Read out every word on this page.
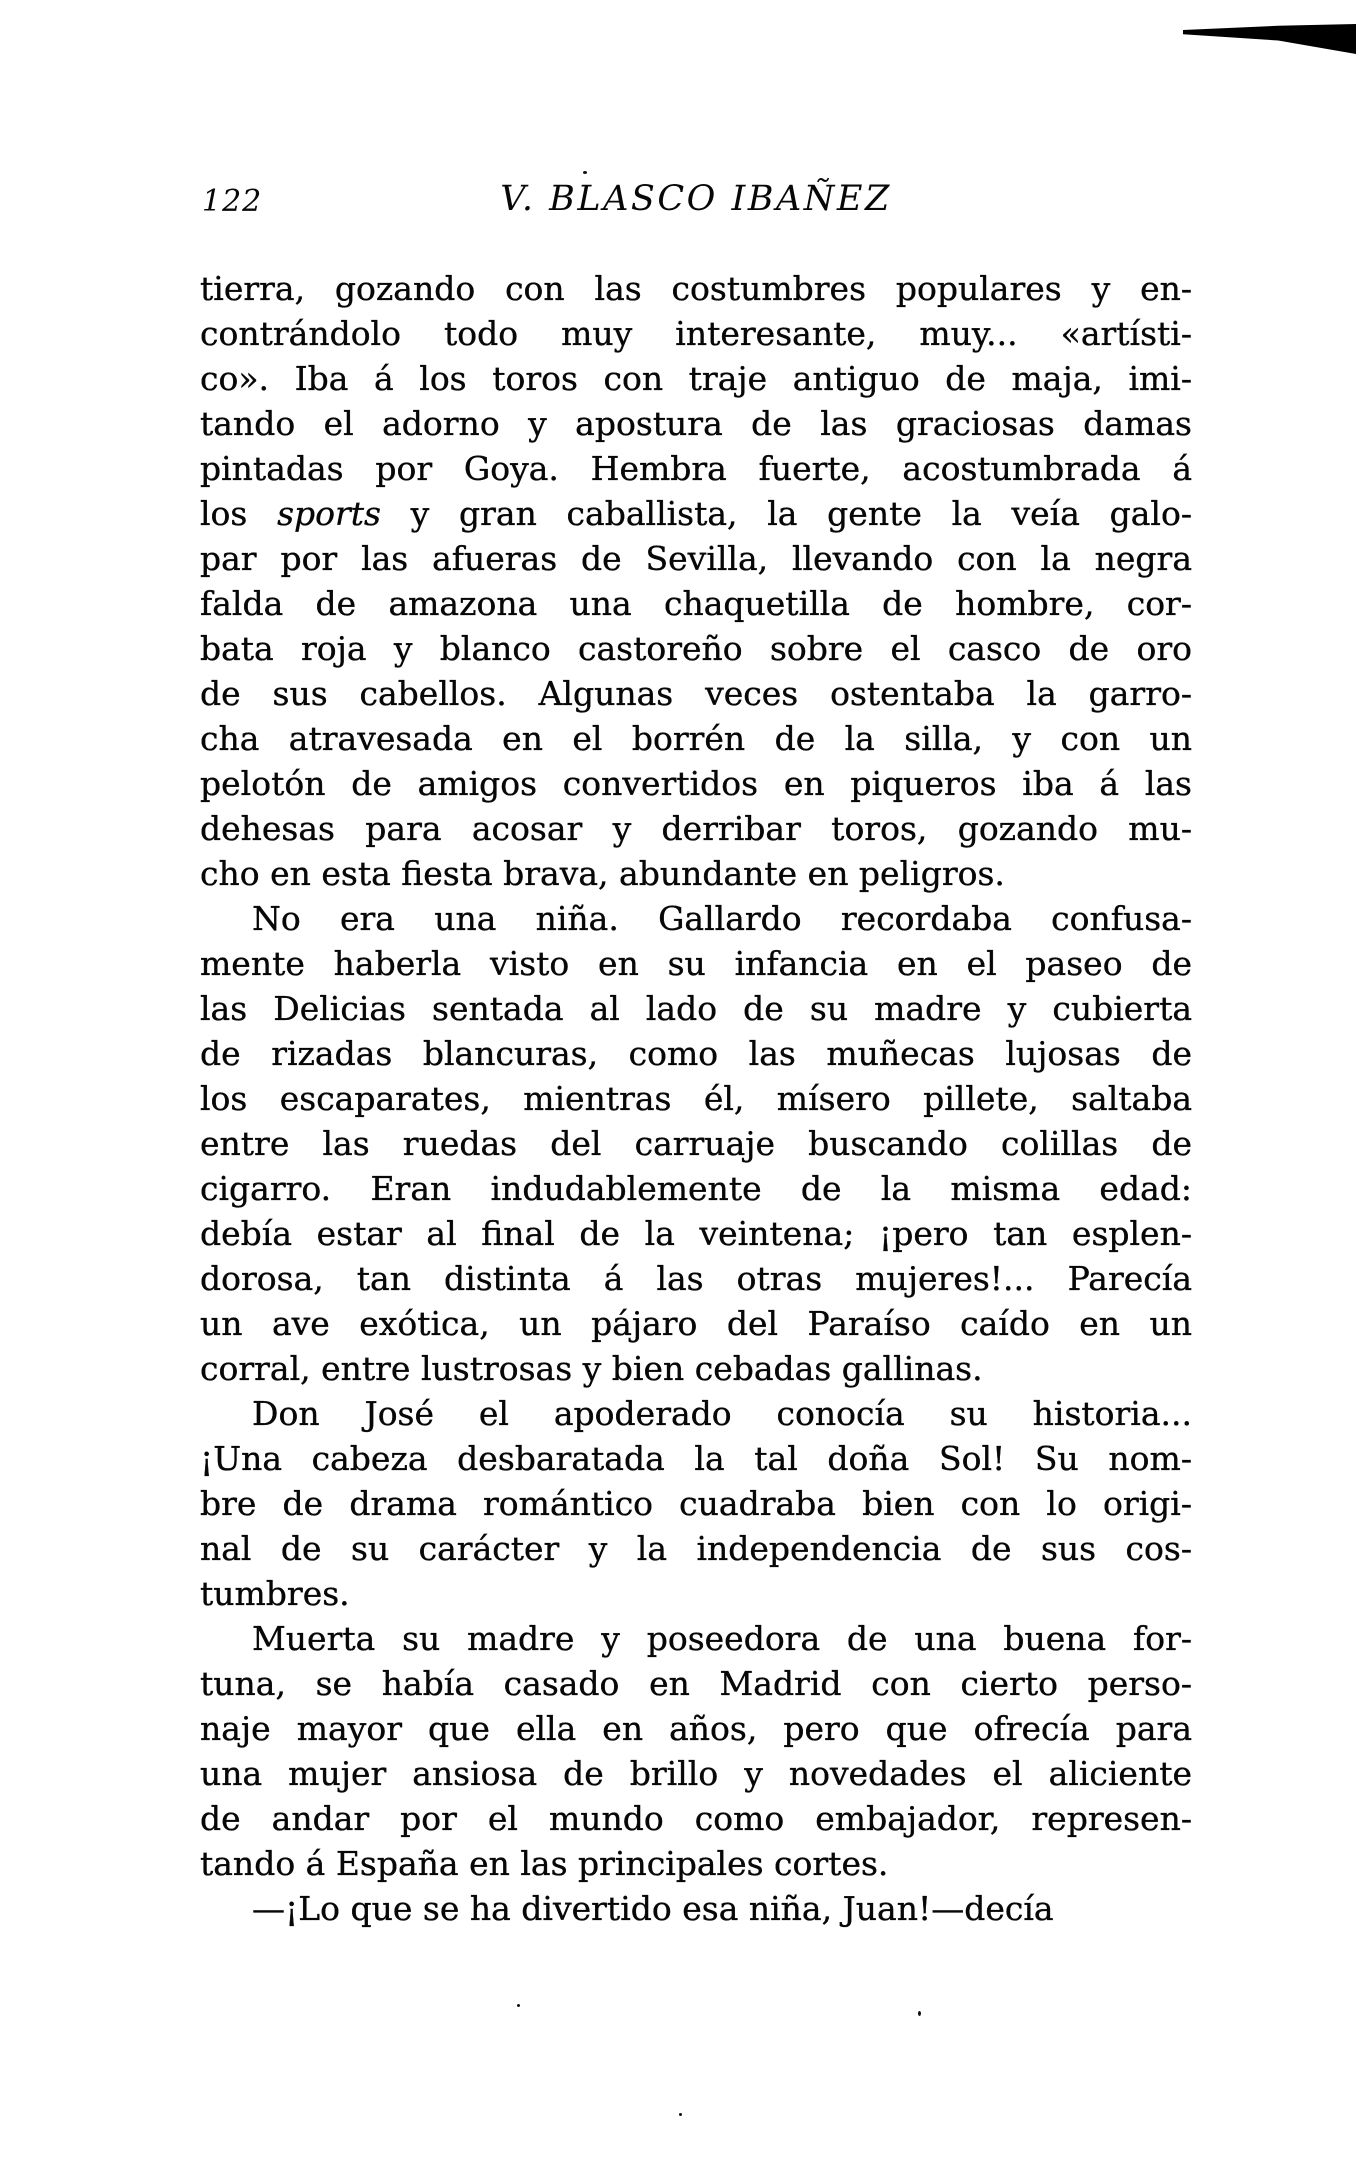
122	V. BLASCO IBAÑEZ
tierra, gozando con las costumbres populares y en-
contrándolo todo muy interesante, muy... «artísti-
co». Iba á los toros con traje antiguo de maja, imi-
tando el adorno y apostura de las graciosas damas
pintadas por Goya. Hembra fuerte, acostumbrada á
los sports y gran caballista, la gente la veía galo-
par por las afueras de Sevilla, llevando con la negra
falda de amazona una chaquetilla de hombre, cor-
bata roja y blanco castoreño sobre el casco de oro
de sus cabellos. Algunas veces ostentaba la garro-
cha atravesada en el borrén de la silla, y con un
pelotón de amigos convertidos en piqueros iba á las
dehesas para acosar y derribar toros, gozando mu-
cho en esta fiesta brava, abundante en peligros.
No era una niña. Gallardo recordaba confusa-
mente haberla visto en su infancia en el paseo de
las Delicias sentada al lado de su madre y cubierta
de rizadas blancuras, como las muñecas lujosas de
los escaparates, mientras él, mísero pillete, saltaba
entre las ruedas del carruaje buscando colillas de
cigarro. Eran indudablemente de la misma edad:
debía estar al final de la veintena; ¡pero tan esplen-
dorosa, tan distinta á las otras mujeres!... Parecía
un ave exótica, un pájaro del Paraíso caído en un
corral, entre lustrosas y bien cebadas gallinas.
Don José el apoderado conocía su historia...
¡Una cabeza desbaratada la tal doña Sol! Su nom-
bre de drama romántico cuadraba bien con lo origi-
nal de su carácter y la independencia de sus cos-
tumbres.
Muerta su madre y poseedora de una buena for-
tuna, se había casado en Madrid con cierto perso-
naje mayor que ella en años, pero que ofrecía para
una mujer ansiosa de brillo y novedades el aliciente
de andar por el mundo como embajador, represen-
tando á España en las principales cortes.
—¡Lo que se ha divertido esa niña, Juan!—decía
